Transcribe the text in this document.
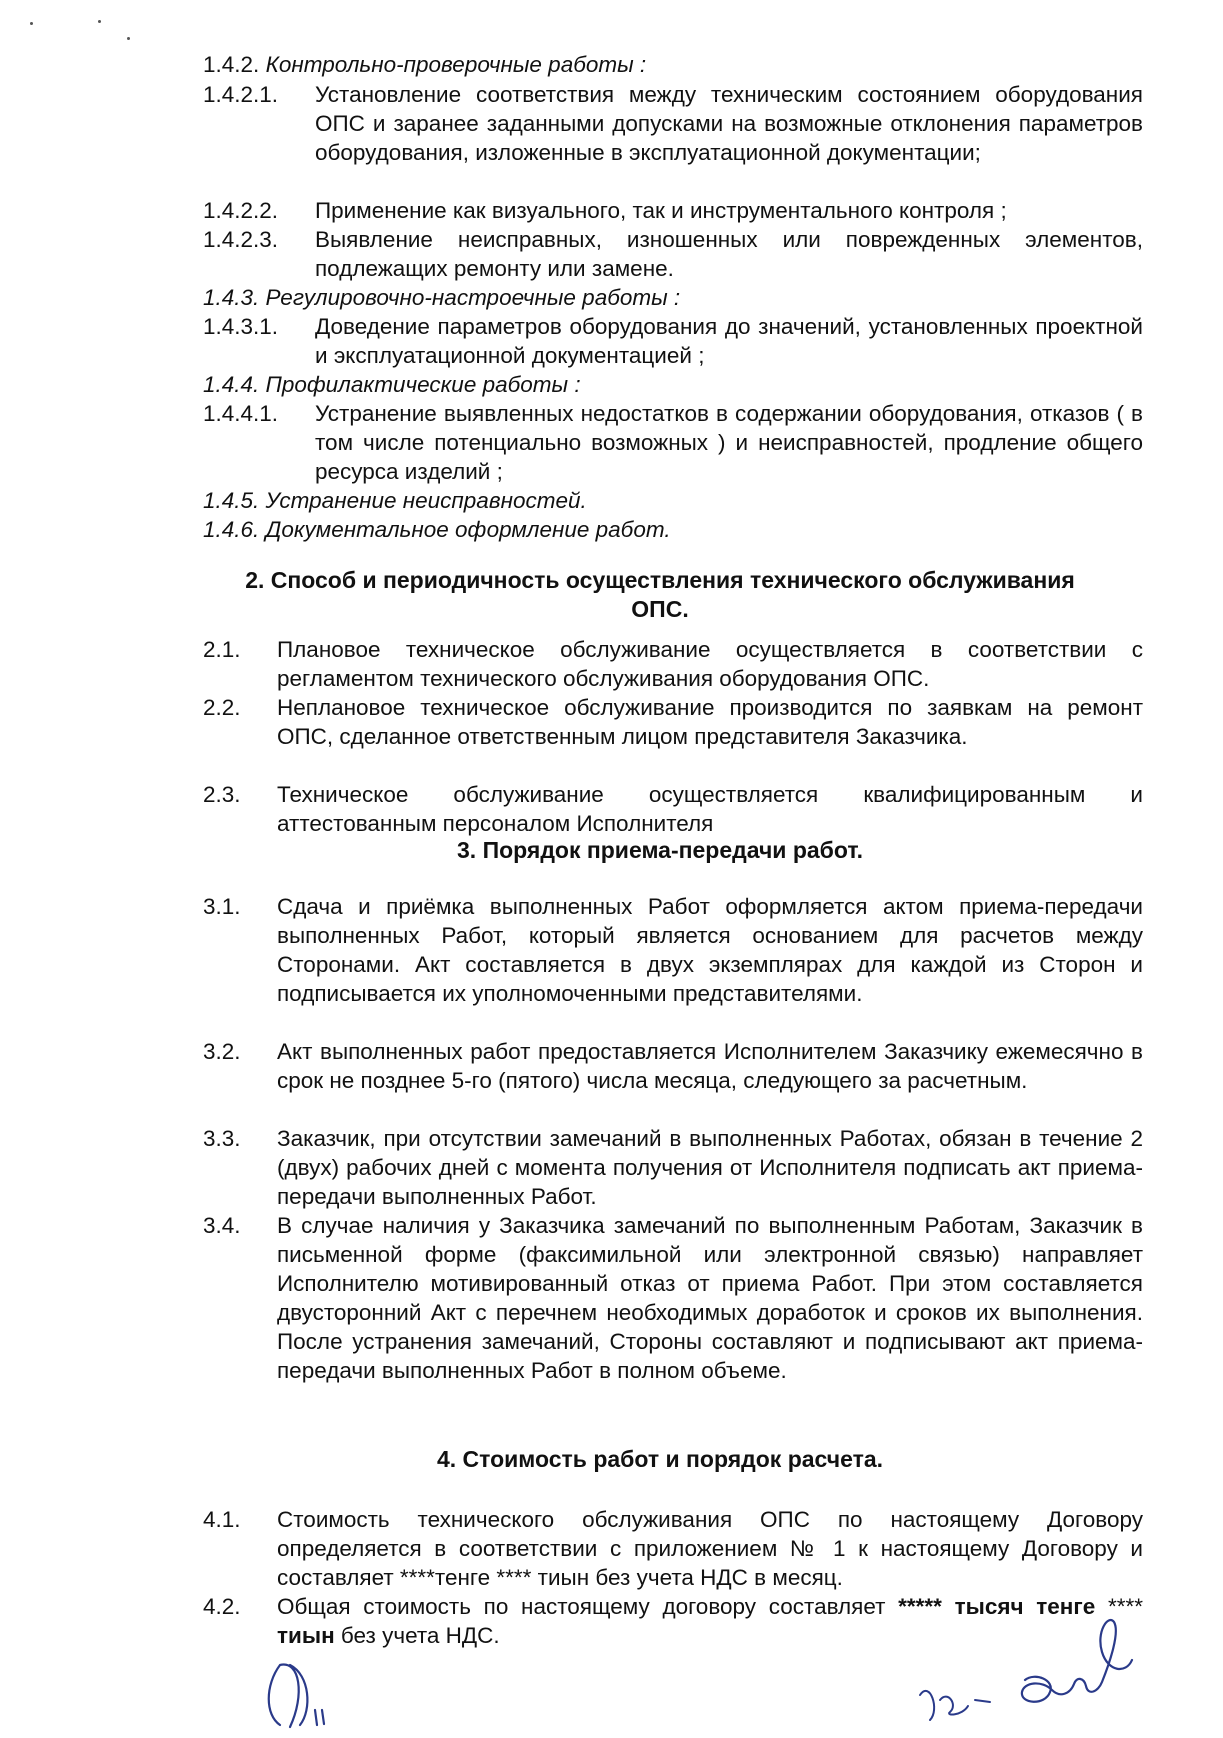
1.4.2. Контрольно-проверочные работы :
1.4.2.1. Установление соответствия между техническим состоянием оборудования ОПС и заранее заданными допусками на возможные отклонения параметров оборудования, изложенные в эксплуатационной документации;
1.4.2.2. Применение как визуального, так и инструментального контроля ;
1.4.2.3. Выявление неисправных, изношенных или поврежденных элементов, подлежащих ремонту или замене.
1.4.3. Регулировочно-настроечные работы :
1.4.3.1. Доведение параметров оборудования до значений, установленных проектной и эксплуатационной документацией ;
1.4.4. Профилактические работы :
1.4.4.1. Устранение выявленных недостатков в содержании оборудования, отказов ( в том числе потенциально возможных ) и неисправностей, продление общего ресурса изделий ;
1.4.5. Устранение неисправностей.
1.4.6. Документальное оформление работ.
2. Способ и периодичность осуществления технического обслуживания
ОПС.
2.1. Плановое техническое обслуживание осуществляется в соответствии с регламентом технического обслуживания оборудования ОПС.
2.2. Неплановое техническое обслуживание производится по заявкам на ремонт ОПС, сделанное ответственным лицом представителя Заказчика.
2.3. Техническое обслуживание осуществляется квалифицированным и аттестованным персоналом Исполнителя
3. Порядок приема-передачи работ.
3.1. Сдача и приёмка выполненных Работ оформляется актом приема-передачи выполненных Работ, который является основанием для расчетов между Сторонами. Акт составляется в двух экземплярах для каждой из Сторон и подписывается их уполномоченными представителями.
3.2. Акт выполненных работ предоставляется Исполнителем Заказчику ежемесячно в срок не позднее 5-го (пятого) числа месяца, следующего за расчетным.
3.3. Заказчик, при отсутствии замечаний в выполненных Работах, обязан в течение 2 (двух) рабочих дней с момента получения от Исполнителя подписать акт приема-передачи выполненных Работ.
3.4. В случае наличия у Заказчика замечаний по выполненным Работам, Заказчик в письменной форме (факсимильной или электронной связью) направляет Исполнителю мотивированный отказ от приема Работ. При этом составляется двусторонний Акт с перечнем необходимых доработок и сроков их выполнения. После устранения замечаний, Стороны составляют и подписывают акт приема-передачи выполненных Работ в полном объеме.
4. Стоимость работ и порядок расчета.
4.1. Стоимость технического обслуживания ОПС по настоящему Договору определяется в соответствии с приложением № 1 к настоящему Договору и составляет ****тенге **** тиын без учета НДС в месяц.
4.2. Общая стоимость по настоящему договору составляет ***** тысяч тенге **** тиын без учета НДС.
